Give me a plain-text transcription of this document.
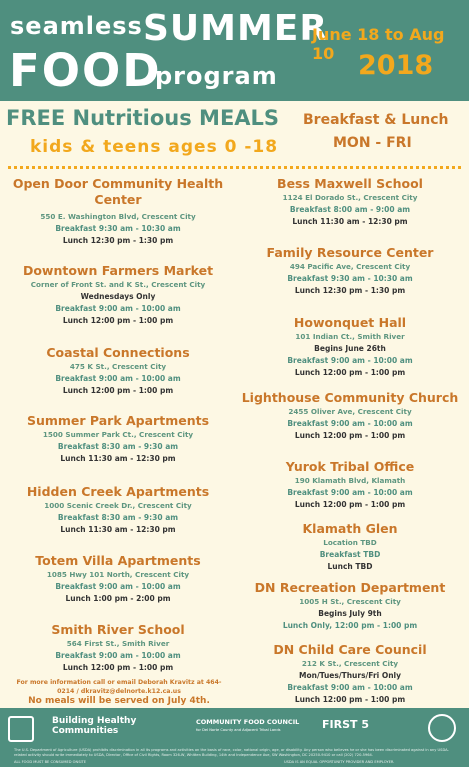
seamless SUMMER
FOOD
program
June 18 to Aug 10 2018
FREE Nutritious MEALS Breakfast & Lunch
kids & teens ages 0 -18	MON - FRI
Open Door Community Health Center
550 E. Washington Blvd, Crescent City
Breakfast 9:30 am - 10:30 am
Lunch 12:30 pm - 1:30 pm
Downtown Farmers Market
Corner of Front St. and K St., Crescent City
Wednesdays Only
Breakfast 9:00 am - 10:00 am
Lunch 12:00 pm - 1:00 pm
Coastal Connections
475 K St., Crescent City
Breakfast 9:00 am - 10:00 am
Lunch 12:00 pm - 1:00 pm
Summer Park Apartments
1500 Summer Park Ct., Crescent City
Breakfast 8:30 am - 9:30 am
Lunch 11:30 am - 12:30 pm
Hidden Creek Apartments
1000 Scenic Creek Dr., Crescent City
Breakfast 8:30 am - 9:30 am
Lunch 11:30 am - 12:30 pm
Totem Villa Apartments
1085 Hwy 101 North, Crescent City
Breakfast 9:00 am - 10:00 am
Lunch 1:00 pm - 2:00 pm
Smith River School
564 First St., Smith River
Breakfast 9:00 am - 10:00 am
Lunch 12:00 pm - 1:00 pm
For more information call or email Deborah Kravitz at 464-0214 / dkravitz@delnorte.k12.ca.us
No meals will be served on July 4th.
Bess Maxwell School
1124 El Dorado St., Crescent City
Breakfast 8:00 am - 9:00 am
Lunch 11:30 am - 12:30 pm
Family Resource Center
494 Pacific Ave, Crescent City
Breakfast 9:30 am - 10:30 am
Lunch 12:30 pm - 1:30 pm
Howonquet Hall
101 Indian Ct., Smith River
Begins June 26th
Breakfast 9:00 am - 10:00 am
Lunch 12:00 pm - 1:00 pm
Lighthouse Community Church
2455 Oliver Ave, Crescent City
Breakfast 9:00 am - 10:00 am
Lunch 12:00 pm - 1:00 pm
Yurok Tribal Office
190 Klamath Blvd, Klamath
Breakfast 9:00 am - 10:00 am
Lunch 12:00 pm - 1:00 pm
Klamath Glen
Location TBD
Breakfast TBD
Lunch TBD
DN Recreation Department
1005 H St., Crescent City
Begins July 9th
Lunch Only, 12:00 pm - 1:00 pm
DN Child Care Council
212 K St., Crescent City
Mon/Tues/Thurs/Fri Only
Breakfast 9:00 am - 10:00 am
Lunch 12:00 pm - 1:00 pm
Building Healthy
Communities
COMMUNITY FOOD COUNCIL
for Del Norte County and Adjacent Tribal Lands	FIRST 5
The U.S. Department of Agriculture (USDA) prohibits discrimination in all its programs and activities on the basis of race, color, national origin, age, or disability. Any person who believes he or she has been discriminated against in any USDA-related activity should write immediately to USDA, Director, Office of Civil Rights, Room 326-W, Whitten Building, 14th and Independence Ave, SW Washington, DC 20250-9410 or call (202) 720-5964.
ALL FOOD MUST BE CONSUMED ONSITE	USDA IS AN EQUAL OPPORTUNITY PROVIDER AND EMPLOYER.
